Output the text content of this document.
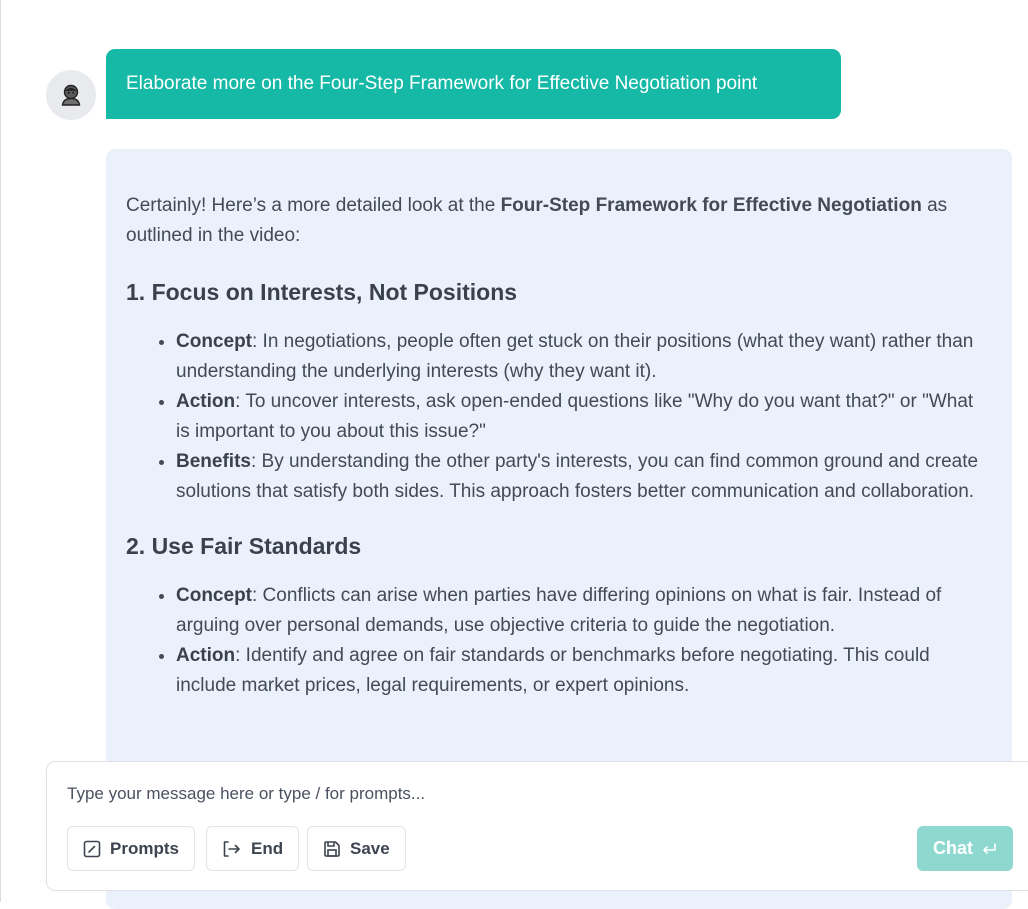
Elaborate more on the Four-Step Framework for Effective Negotiation point

Certainly! Here’s a more detailed look at the Four-Step Framework for Effective Negotiation as outlined in the video:

1. Focus on Interests, Not Positions
• Concept: In negotiations, people often get stuck on their positions (what they want) rather than understanding the underlying interests (why they want it).
• Action: To uncover interests, ask open-ended questions like "Why do you want that?" or "What is important to you about this issue?"
• Benefits: By understanding the other party's interests, you can find common ground and create solutions that satisfy both sides. This approach fosters better communication and collaboration.
2. Use Fair Standards
• Concept: Conflicts can arise when parties have differing opinions on what is fair. Instead of arguing over personal demands, use objective criteria to guide the negotiation.
• Action: Identify and agree on fair standards or benchmarks before negotiating. This could include market prices, legal requirements, or expert opinions.
Type your message here or type / for prompts...
Prompts	End	Save	Chat
